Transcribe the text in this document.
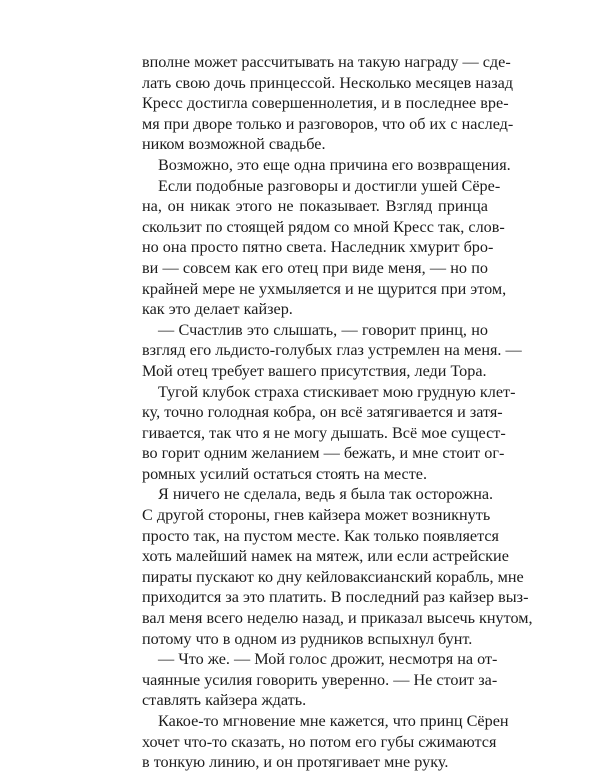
вполне может рассчитывать на такую награду — сде-
лать свою дочь принцессой. Несколько месяцев назад
Кресс достигла совершеннолетия, и в последнее вре-
мя при дворе только и разговоров, что об их с наслед-
ником возможной свадьбе.
Возможно, это еще одна причина его возвращения.
Если подобные разговоры и достигли ушей Сёре-
на, он никак этого не показывает. Взгляд принца
скользит по стоящей рядом со мной Кресс так, слов-
но она просто пятно света. Наследник хмурит бро-
ви — совсем как его отец при виде меня, — но по
крайней мере не ухмыляется и не щурится при этом,
как это делает кайзер.
— Счастлив это слышать, — говорит принц, но
взгляд его льдисто-голубых глаз устремлен на меня. —
Мой отец требует вашего присутствия, леди Тора.
Тугой клубок страха стискивает мою грудную клет-
ку, точно голодная кобра, он всё затягивается и затя-
гивается, так что я не могу дышать. Всё мое сущест-
во горит одним желанием — бежать, и мне стоит ог-
ромных усилий остаться стоять на месте.
Я ничего не сделала, ведь я была так осторожна.
С другой стороны, гнев кайзера может возникнуть
просто так, на пустом месте. Как только появляется
хоть малейший намек на мятеж, или если астрейские
пираты пускают ко дну кейловаксианский корабль, мне
приходится за это платить. В последний раз кайзер выз-
вал меня всего неделю назад, и приказал высечь кнутом,
потому что в одном из рудников вспыхнул бунт.
— Что же. — Мой голос дрожит, несмотря на от-
чаянные усилия говорить уверенно. — Не стоит за-
ставлять кайзера ждать.
Какое-то мгновение мне кажется, что принц Сёрен
хочет что-то сказать, но потом его губы сжимаются
в тонкую линию, и он протягивает мне руку.
